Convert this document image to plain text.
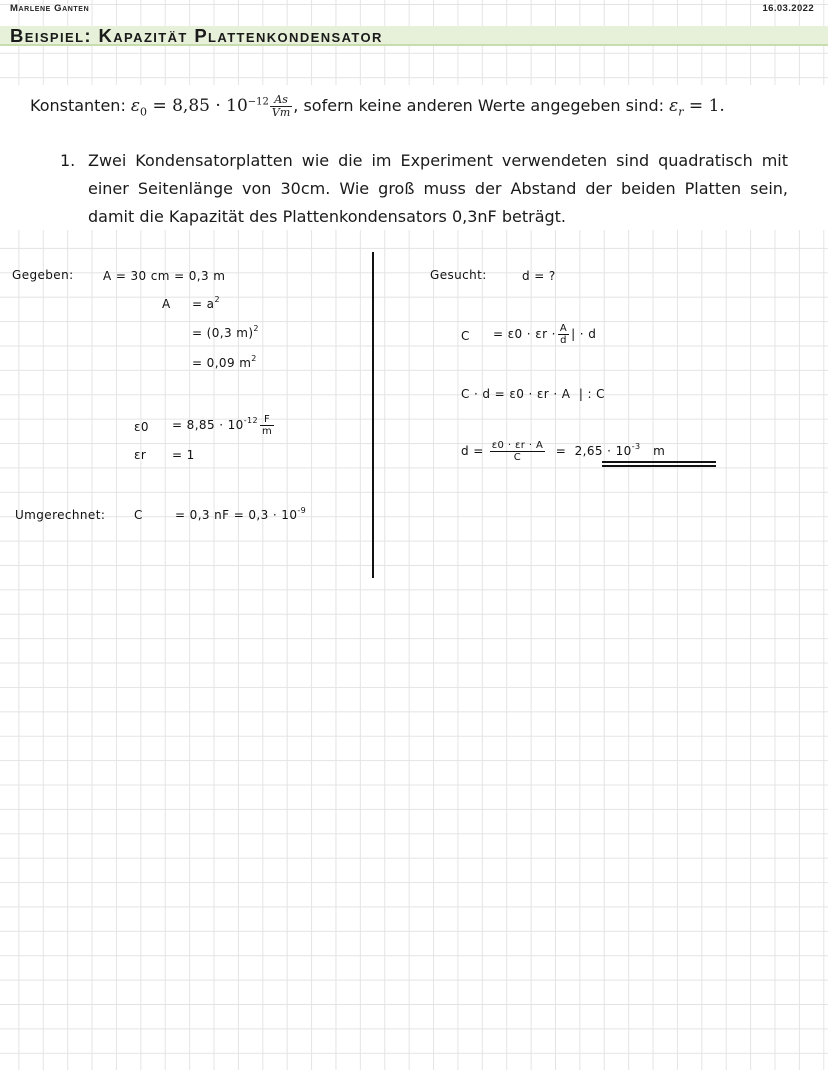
Marlene Ganten	16.03.2022
Beispiel: Kapazität Plattenkondensator
Konstanten: $\varepsilon_0 = 8,85 \cdot 10^{-12} \frac{As}{Vm}$ , sofern keine anderen Werte angegeben sind: $\varepsilon_r = 1$.
1. Zwei Kondensatorplatten wie die im Experiment verwendeten sind quadratisch mit einer Seitenlänge von 30cm. Wie groß muss der Abstand der beiden Platten sein, damit die Kapazität des Plattenkondensators 0,3nF beträgt.
Gegeben: A = 30 cm = 0,3 m
$A = a^2$
= (0,3 m)$^2$
= 0,09 $m^2$
$\varepsilon 0 = 8,85 \cdot 10^{-12} \frac{F}{m}$
εr = 1
Umgerechnet: C	= 0,3 nF = $0,3 \cdot 10^{-9}$
Gesucht:	d = ?
$C = \varepsilon 0 \cdot \varepsilon r \cdot \frac{A}{d}$ | · d
C · d = ε0 · εr · A | : C
$d = \frac{\varepsilon 0 \cdot \varepsilon r \cdot A}{C} = 2,65 \cdot 10^{-3}$ m
